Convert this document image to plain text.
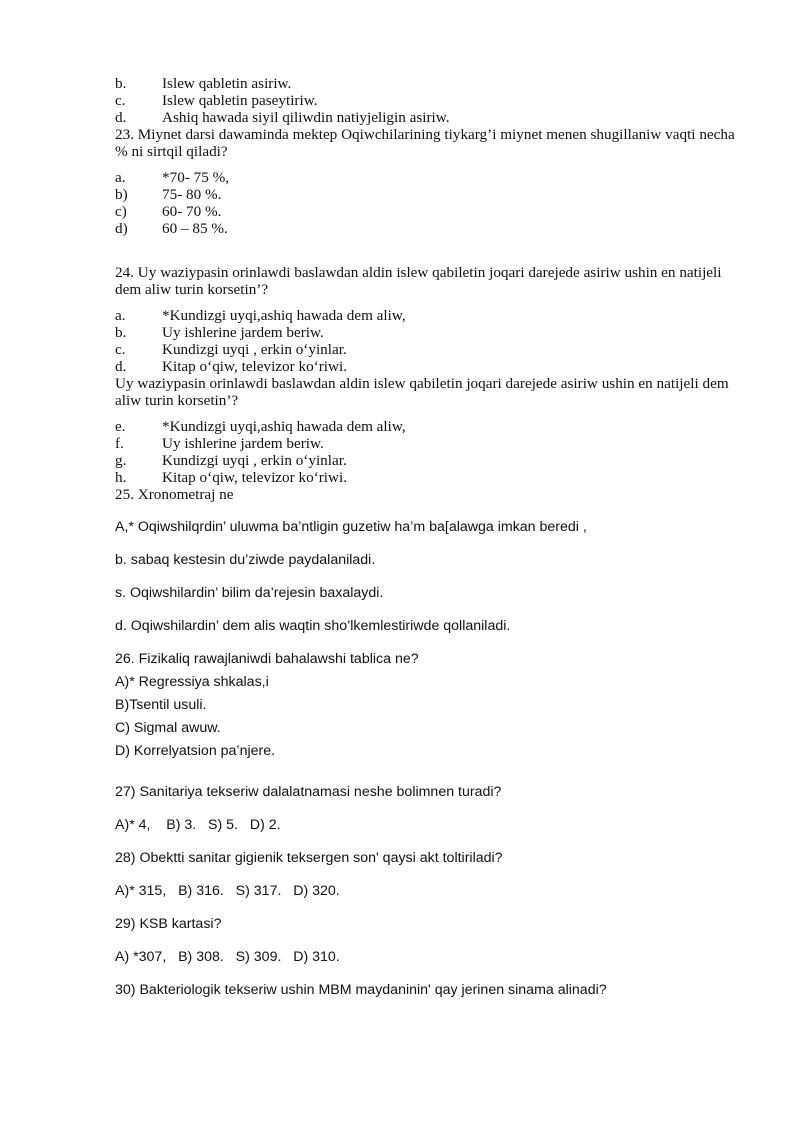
b.	Islew qabletin asiriw.
c.	Islew qabletin paseytiriw.
d.	Ashiq hawada siyil qiliwdin natiyjeligin asiriw.

23. Miynet darsi dawaminda mektep Oqiwchilarining tiykarg’i miynet menen shugillaniw vaqti necha % ni sirtqil qiladi?

a.	*70- 75 %,
b)	75- 80 %.
c)	60- 70 %.
d)	60 – 85 %.

24. Uy waziypasin orinlawdi baslawdan aldin islew qabiletin joqari darejede asiriw ushin en natijeli dem aliw turin korsetin’?

a.	*Kundizgi uyqi,ashiq hawada dem aliw,
b.	Uy ishlerine jardem beriw.
c.	Kundizgi uyqi , erkin o‘yinlar.
d.	Kitap o‘qiw, televizor ko‘riwi.

Uy waziypasin orinlawdi baslawdan aldin islew qabiletin joqari darejede asiriw ushin en natijeli dem aliw turin korsetin’?

e.	*Kundizgi uyqi,ashiq hawada dem aliw,
f.	Uy ishlerine jardem beriw.
g.	Kundizgi uyqi , erkin o‘yinlar.
h.	Kitap o‘qiw, televizor ko‘riwi.

25. Xronometraj ne

A,* Oqiwshilqrdin’ uluwma ba’ntligin guzetiw ha’m ba[alawga imkan beredi ,

b. sabaq kestesin du’ziwde paydalaniladi.

s. Oqiwshilardin’ bilim da’rejesin baxalaydi.

d. Oqiwshilardin’ dem alis waqtin sho’lkemlestiriwde qollaniladi.

26. Fizikaliq rawajlaniwdi bahalawshi tablica ne?

A)* Regressiya shkalas,i

B)Tsentil usuli.

C) Sigmal awuw.

D) Korrelyatsion pa’njere.

27) Sanitariya tekseriw dalalatnamasi neshe bolimnen turadi?

A)* 4,    B) 3.   S) 5.   D) 2.

28) Obektti sanitar gigienik teksergen son' qaysi akt toltiriladi?

A)* 315,   B) 316.   S) 317.   D) 320.

29) KSB kartasi?

A) *307,   B) 308.   S) 309.   D) 310.

30) Bakteriologik tekseriw ushin MBM maydaninin' qay jerinen sinama alinadi?
